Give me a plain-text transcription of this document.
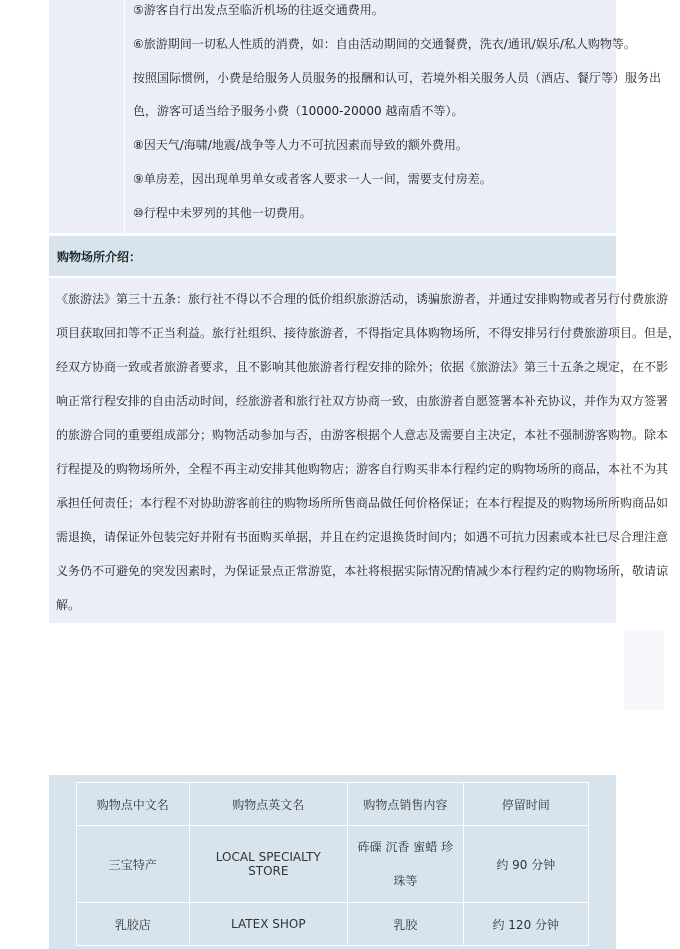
⑤游客自行出发点至临沂机场的往返交通费用。
⑥旅游期间一切私人性质的消费，如：自由活动期间的交通餐费，洗衣/通讯/娱乐/私人购物等。
按照国际惯例，小费是给服务人员服务的报酬和认可，若境外相关服务人员（酒店、餐厅等）服务出
色，游客可适当给予服务小费（10000-20000 越南盾不等）。
⑧因天气/海啸/地震/战争等人力不可抗因素而导致的额外费用。
⑨单房差，因出现单男单女或者客人要求一人一间，需要支付房差。
⑩行程中未罗列的其他一切费用。
购物场所介绍：
《旅游法》第三十五条：旅行社不得以不合理的低价组织旅游活动，诱骗旅游者，并通过安排购物或者另行付费旅游
项目获取回扣等不正当利益。旅行社组织、接待旅游者，不得指定具体购物场所，不得安排另行付费旅游项目。但是，
经双方协商一致或者旅游者要求，且不影响其他旅游者行程安排的除外；依据《旅游法》第三十五条之规定，在不影
响正常行程安排的自由活动时间，经旅游者和旅行社双方协商一致，由旅游者自愿签署本补充协议，并作为双方签署
的旅游合同的重要组成部分；购物活动参加与否，由游客根据个人意志及需要自主决定，本社不强制游客购物。除本
行程提及的购物场所外，全程不再主动安排其他购物店；游客自行购买非本行程约定的购物场所的商品，本社不为其
承担任何责任；本行程不对协助游客前往的购物场所所售商品做任何价格保证；在本行程提及的购物场所所购商品如
需退换，请保证外包装完好并附有书面购买单据，并且在约定退换货时间内；如遇不可抗力因素或本社已尽合理注意
义务仍不可避免的突发因素时，为保证景点正常游览，本社将根据实际情况酌情减少本行程约定的购物场所，敬请谅
解。
购物点中文名	购物点英文名	购物点销售内容	停留时间
三宝特产	LOCAL SPECIALTY STORE	砗磲 沉香 蜜蜡 珍
珠等	约 90 分钟
乳胶店	LATEX SHOP	乳胶	约 120 分钟
